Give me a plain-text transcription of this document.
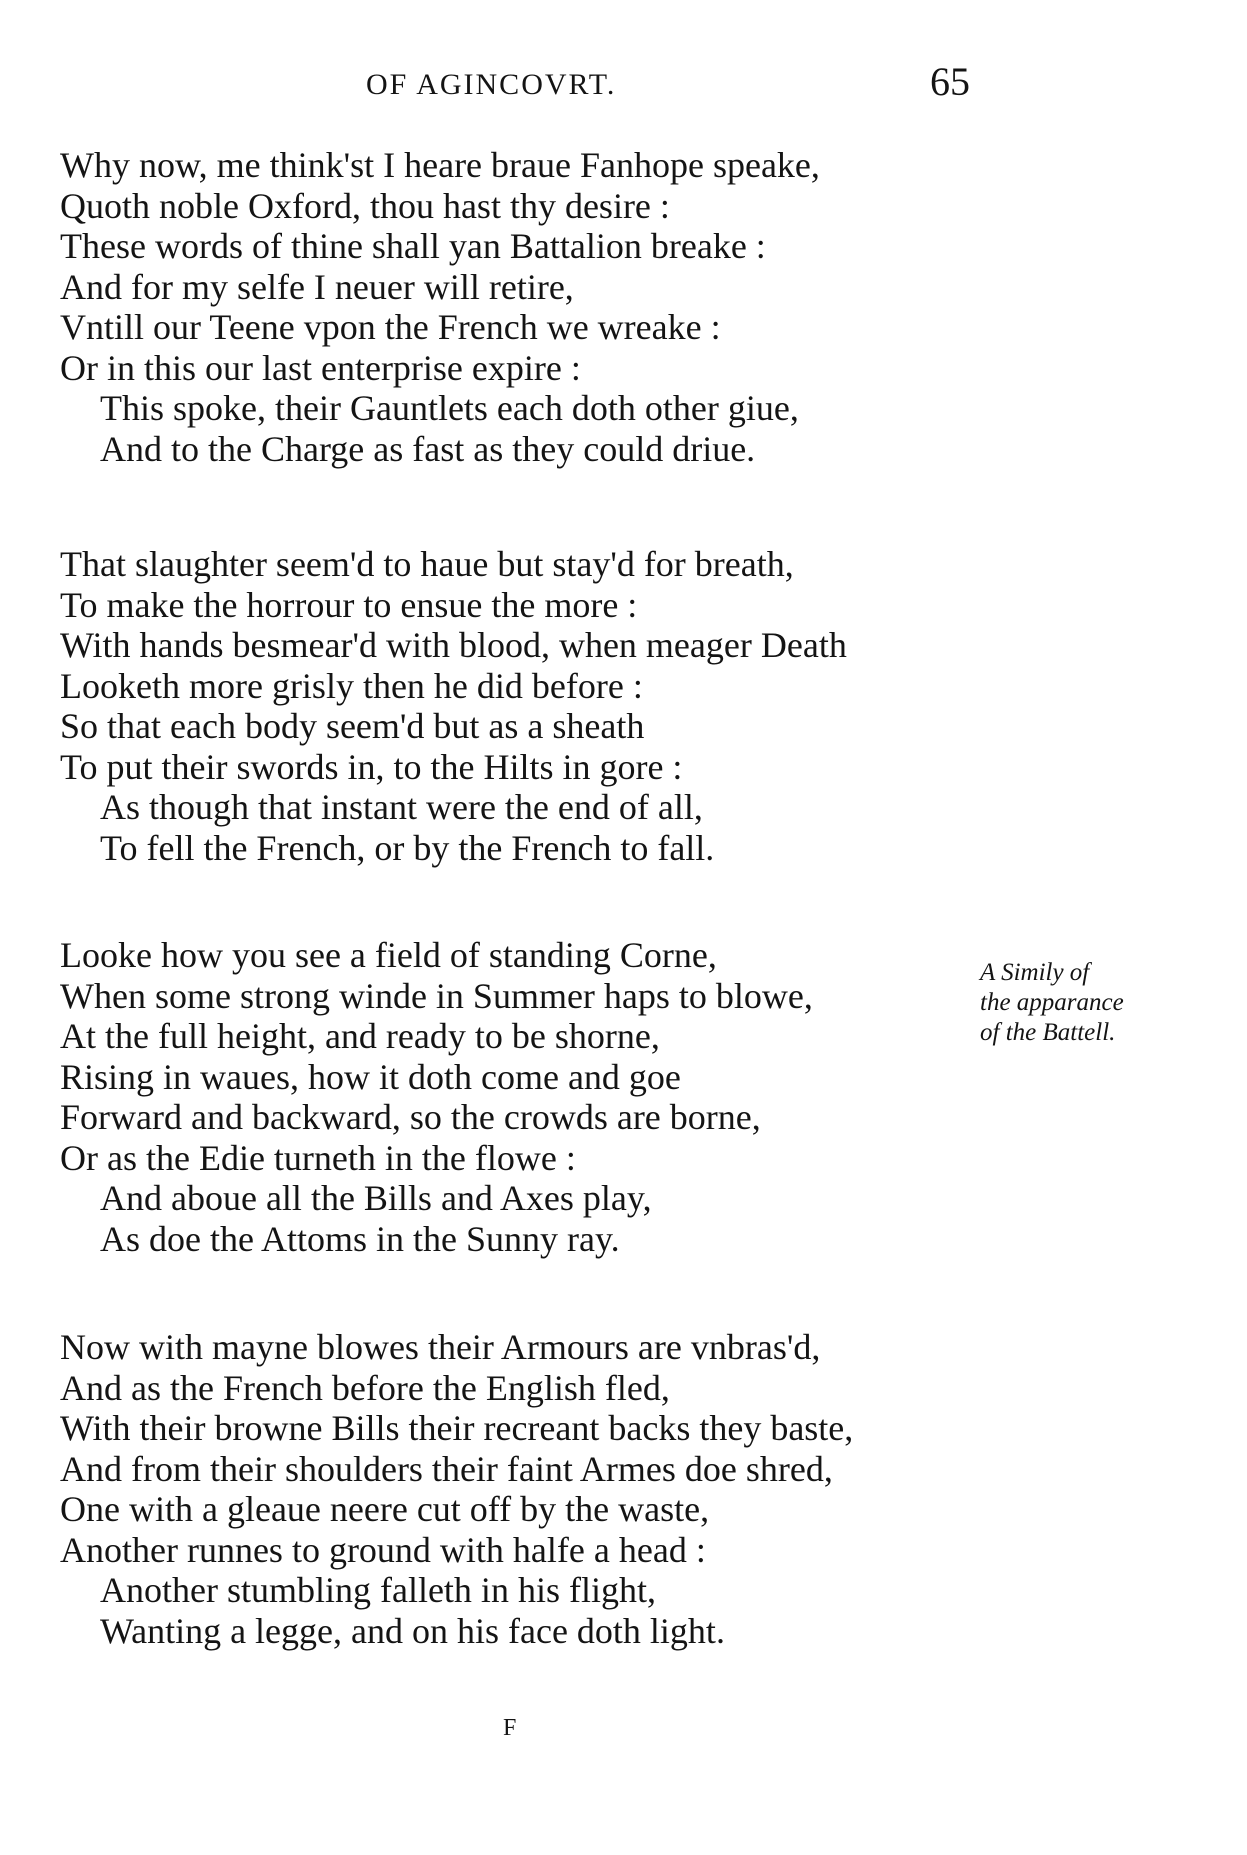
OF AGINCOVRT.	65
Why now, me think'st I heare braue Fanhope speake,
Quoth noble Oxford, thou hast thy desire :
These words of thine shall yan Battalion breake :
And for my selfe I neuer will retire,
Vntill our Teene vpon the French we wreake :
Or in this our last enterprise expire :
This spoke, their Gauntlets each doth other giue,
And to the Charge as fast as they could driue.
That slaughter seem'd to haue but stay'd for breath,
To make the horrour to ensue the more :
With hands besmear'd with blood, when meager Death
Looketh more grisly then he did before :
So that each body seem'd but as a sheath
To put their swords in, to the Hilts in gore :
As though that instant were the end of all,
To fell the French, or by the French to fall.
Looke how you see a field of standing Corne,
When some strong winde in Summer haps to blowe,
At the full height, and ready to be shorne,
Rising in waues, how it doth come and goe
Forward and backward, so the crowds are borne,
Or as the Edie turneth in the flowe :
And aboue all the Bills and Axes play,
As doe the Attoms in the Sunny ray.
Now with mayne blowes their Armours are vnbras'd,
And as the French before the English fled,
With their browne Bills their recreant backs they baste,
And from their shoulders their faint Armes doe shred,
One with a gleaue neere cut off by the waste,
Another runnes to ground with halfe a head :
Another stumbling falleth in his flight,
Wanting a legge, and on his face doth light.
A Simily of
the apparance
of the Battell.
F
